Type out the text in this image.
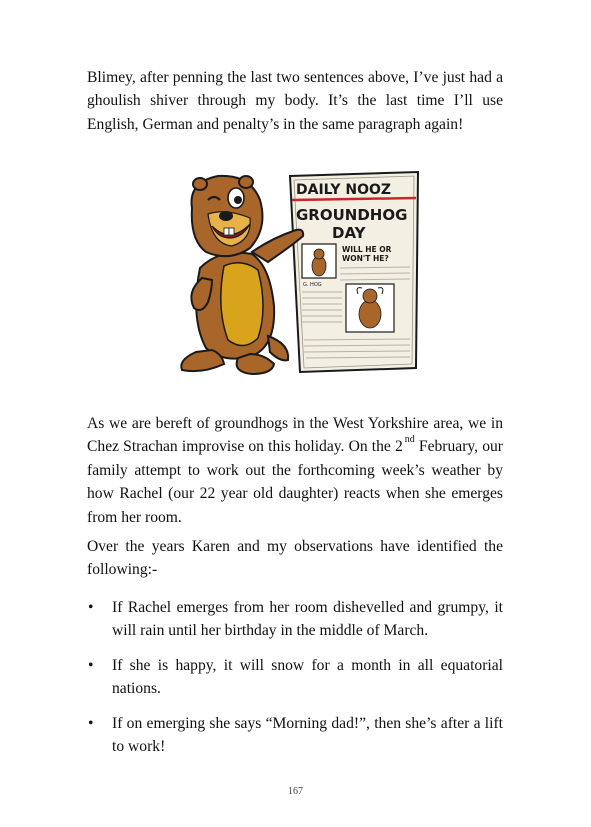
Blimey, after penning the last two sentences above, I’ve just had a ghoulish shiver through my body. It’s the last time I’ll use English, German and penalty’s in the same paragraph again!

DAILY NOOZ
GROUNDHOG
DAY
WILL HE OR
WON'T HE?
G. HOG

As we are bereft of groundhogs in the West Yorkshire area, we in Chez Strachan improvise on this holiday. On the 2 $^{nd}$ February, our family attempt to work out the forthcoming week’s weather by how Rachel (our 22 year old daughter) reacts when she emerges from her room.

Over the years Karen and my observations have identified the following:-

• If Rachel emerges from her room dishevelled and grumpy, it will rain until her birthday in the middle of March.
• If she is happy, it will snow for a month in all equatorial nations.
• If on emerging she says “Morning dad!”, then she’s after a lift to work!
167
